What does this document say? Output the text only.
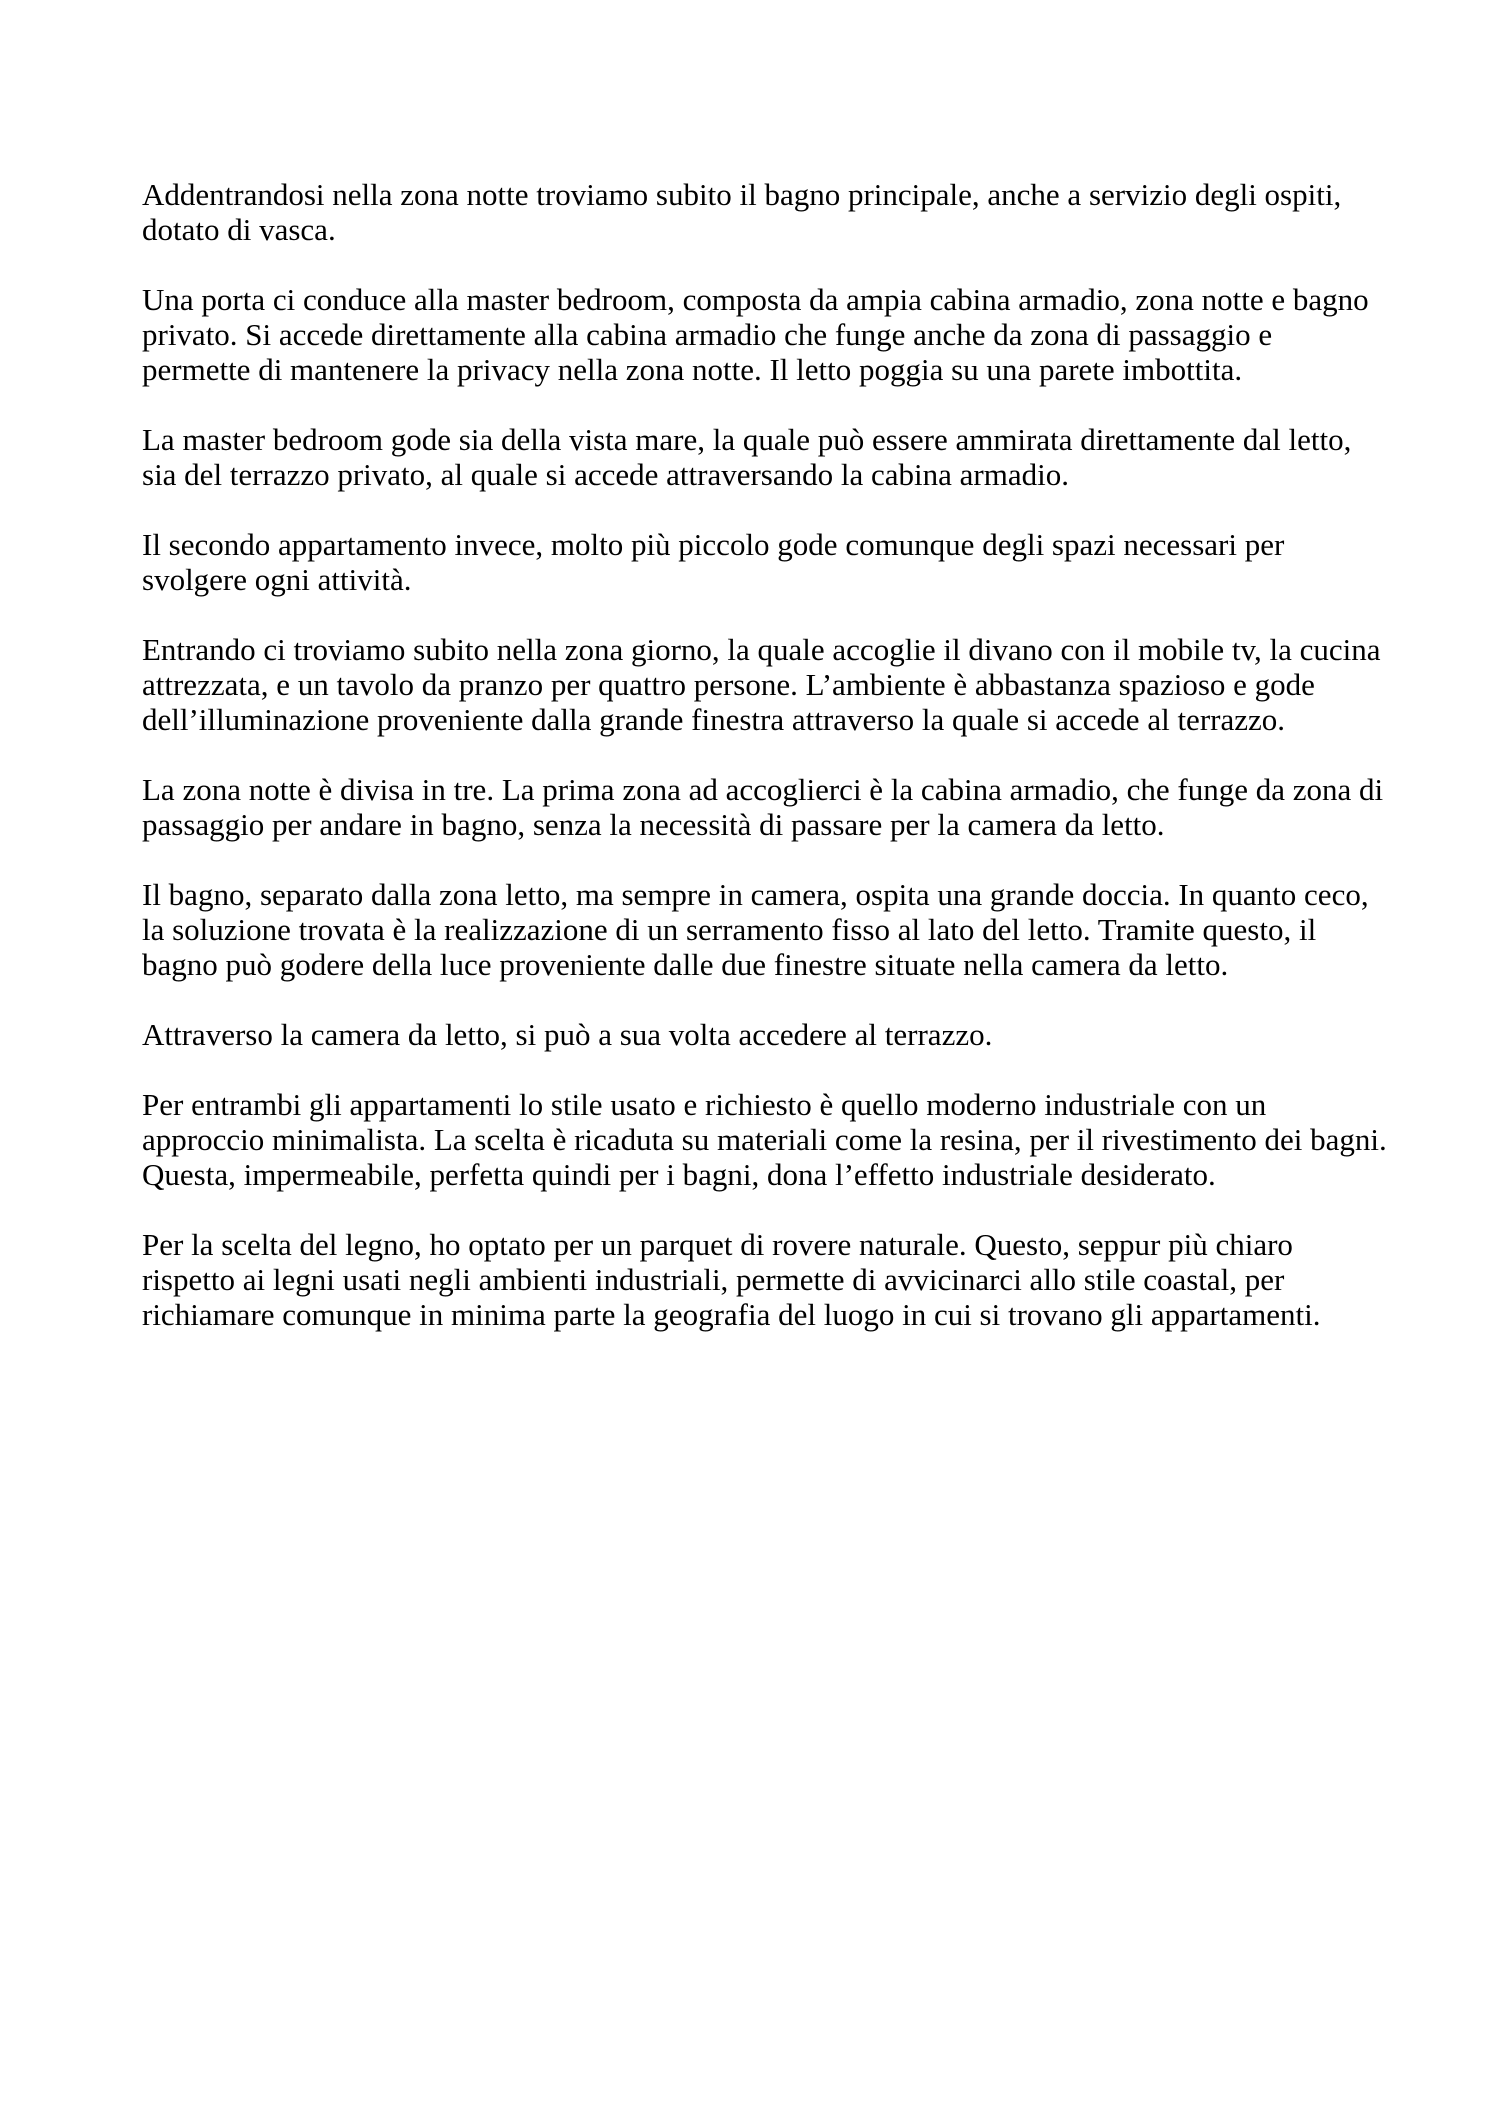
Addentrandosi nella zona notte troviamo subito il bagno principale, anche a servizio degli ospiti,
dotato di vasca.
Una porta ci conduce alla master bedroom, composta da ampia cabina armadio, zona notte e bagno
privato. Si accede direttamente alla cabina armadio che funge anche da zona di passaggio e
permette di mantenere la privacy nella zona notte. Il letto poggia su una parete imbottita.
La master bedroom gode sia della vista mare, la quale può essere ammirata direttamente dal letto,
sia del terrazzo privato, al quale si accede attraversando la cabina armadio.
Il secondo appartamento invece, molto più piccolo gode comunque degli spazi necessari per
svolgere ogni attività.
Entrando ci troviamo subito nella zona giorno, la quale accoglie il divano con il mobile tv, la cucina
attrezzata, e un tavolo da pranzo per quattro persone. L’ambiente è abbastanza spazioso e gode
dell’illuminazione proveniente dalla grande finestra attraverso la quale si accede al terrazzo.
La zona notte è divisa in tre. La prima zona ad accoglierci è la cabina armadio, che funge da zona di
passaggio per andare in bagno, senza la necessità di passare per la camera da letto.
Il bagno, separato dalla zona letto, ma sempre in camera, ospita una grande doccia. In quanto ceco,
la soluzione trovata è la realizzazione di un serramento fisso al lato del letto. Tramite questo, il
bagno può godere della luce proveniente dalle due finestre situate nella camera da letto.
Attraverso la camera da letto, si può a sua volta accedere al terrazzo.
Per entrambi gli appartamenti lo stile usato e richiesto è quello moderno industriale con un
approccio minimalista. La scelta è ricaduta su materiali come la resina, per il rivestimento dei bagni.
Questa, impermeabile, perfetta quindi per i bagni, dona l’effetto industriale desiderato.
Per la scelta del legno, ho optato per un parquet di rovere naturale. Questo, seppur più chiaro
rispetto ai legni usati negli ambienti industriali, permette di avvicinarci allo stile coastal, per
richiamare comunque in minima parte la geografia del luogo in cui si trovano gli appartamenti.
